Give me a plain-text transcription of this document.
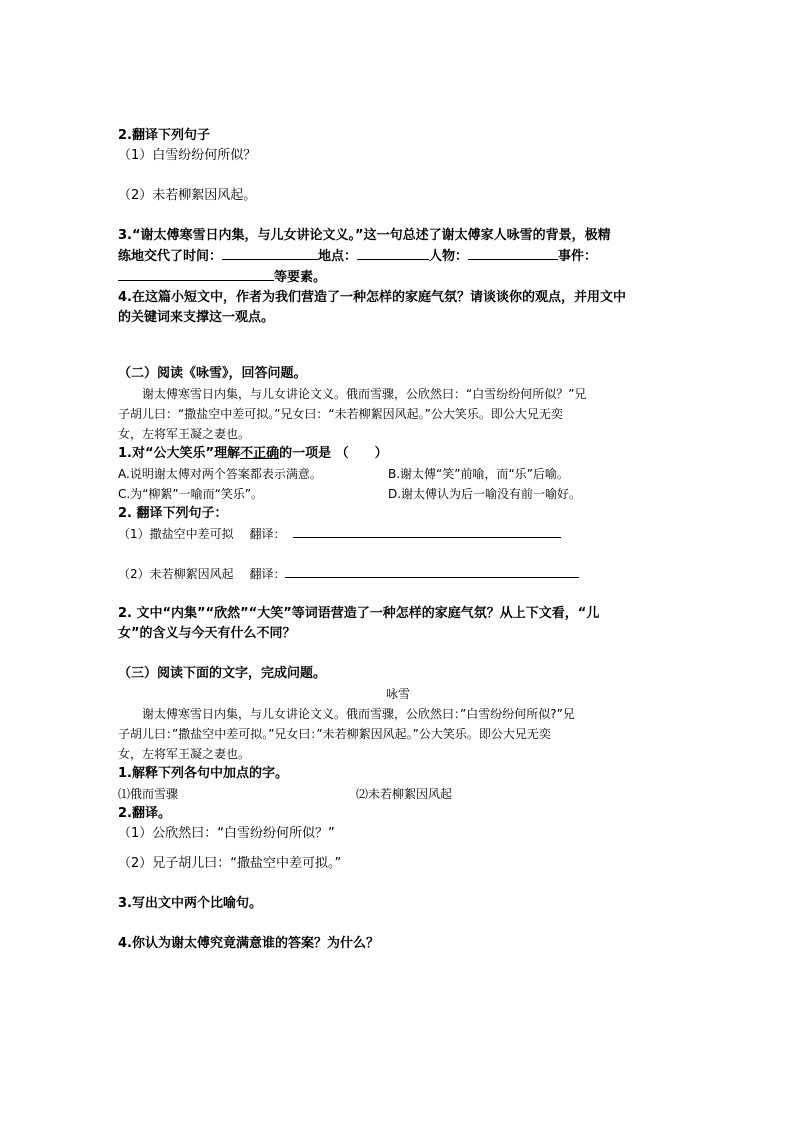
2.翻译下列句子
（1）白雪纷纷何所似？
（2）未若柳絮因风起。
3.“谢太傅寒雪日内集，与儿女讲论文义。”这一句总述了谢太傅家人咏雪的背景，极精
练地交代了时间：	地点：	人物：	事件：
等要素。
4.在这篇小短文中，作者为我们营造了一种怎样的家庭气氛？请谈谈你的观点，并用文中
的关键词来支撑这一观点。
（二）阅读《咏雪》，回答问题。
谢太傅寒雪日内集，与儿女讲论文义。俄而雪骤，公欣然曰：“白雪纷纷何所似？”兄
子胡儿曰：“撒盐空中差可拟。”兄女曰：“未若柳絮因风起。”公大笑乐。即公大兄无奕
女，左将军王凝之妻也。
1.对“公大笑乐”理解不正确的一项是 （　　）
A.说明谢太傅对两个答案都表示满意。	B.谢太傅“笑”前喻，而“乐”后喻。
C.为“柳絮”一喻而“笑乐”。	D.谢太傅认为后一喻没有前一喻好。
2. 翻译下列句子：
（1）撒盐空中差可拟　 翻译：
（2）未若柳絮因风起　 翻译：
2. 文中“内集”“欣然”“大笑”等词语营造了一种怎样的家庭气氛？从上下文看，“儿
女”的含义与今天有什么不同？
（三）阅读下面的文字，完成问题。
咏雪
谢太傅寒雪日内集，与儿女讲论文义。俄而雪骤，公欣然曰：”白雪纷纷何所似?”兄
子胡儿曰：”撒盐空中差可拟。”兄女曰：”未若柳絮因风起。”公大笑乐。即公大兄无奕
女，左将军王凝之妻也。
1.解释下列各句中加点的字。
⑴俄而雪骤	⑵未若柳絮因风起
2.翻译。
（1）公欣然曰：“白雪纷纷何所似？”
（2）兄子胡儿曰：“撒盐空中差可拟。”
3.写出文中两个比喻句。
4.你认为谢太傅究竟满意谁的答案？为什么？
